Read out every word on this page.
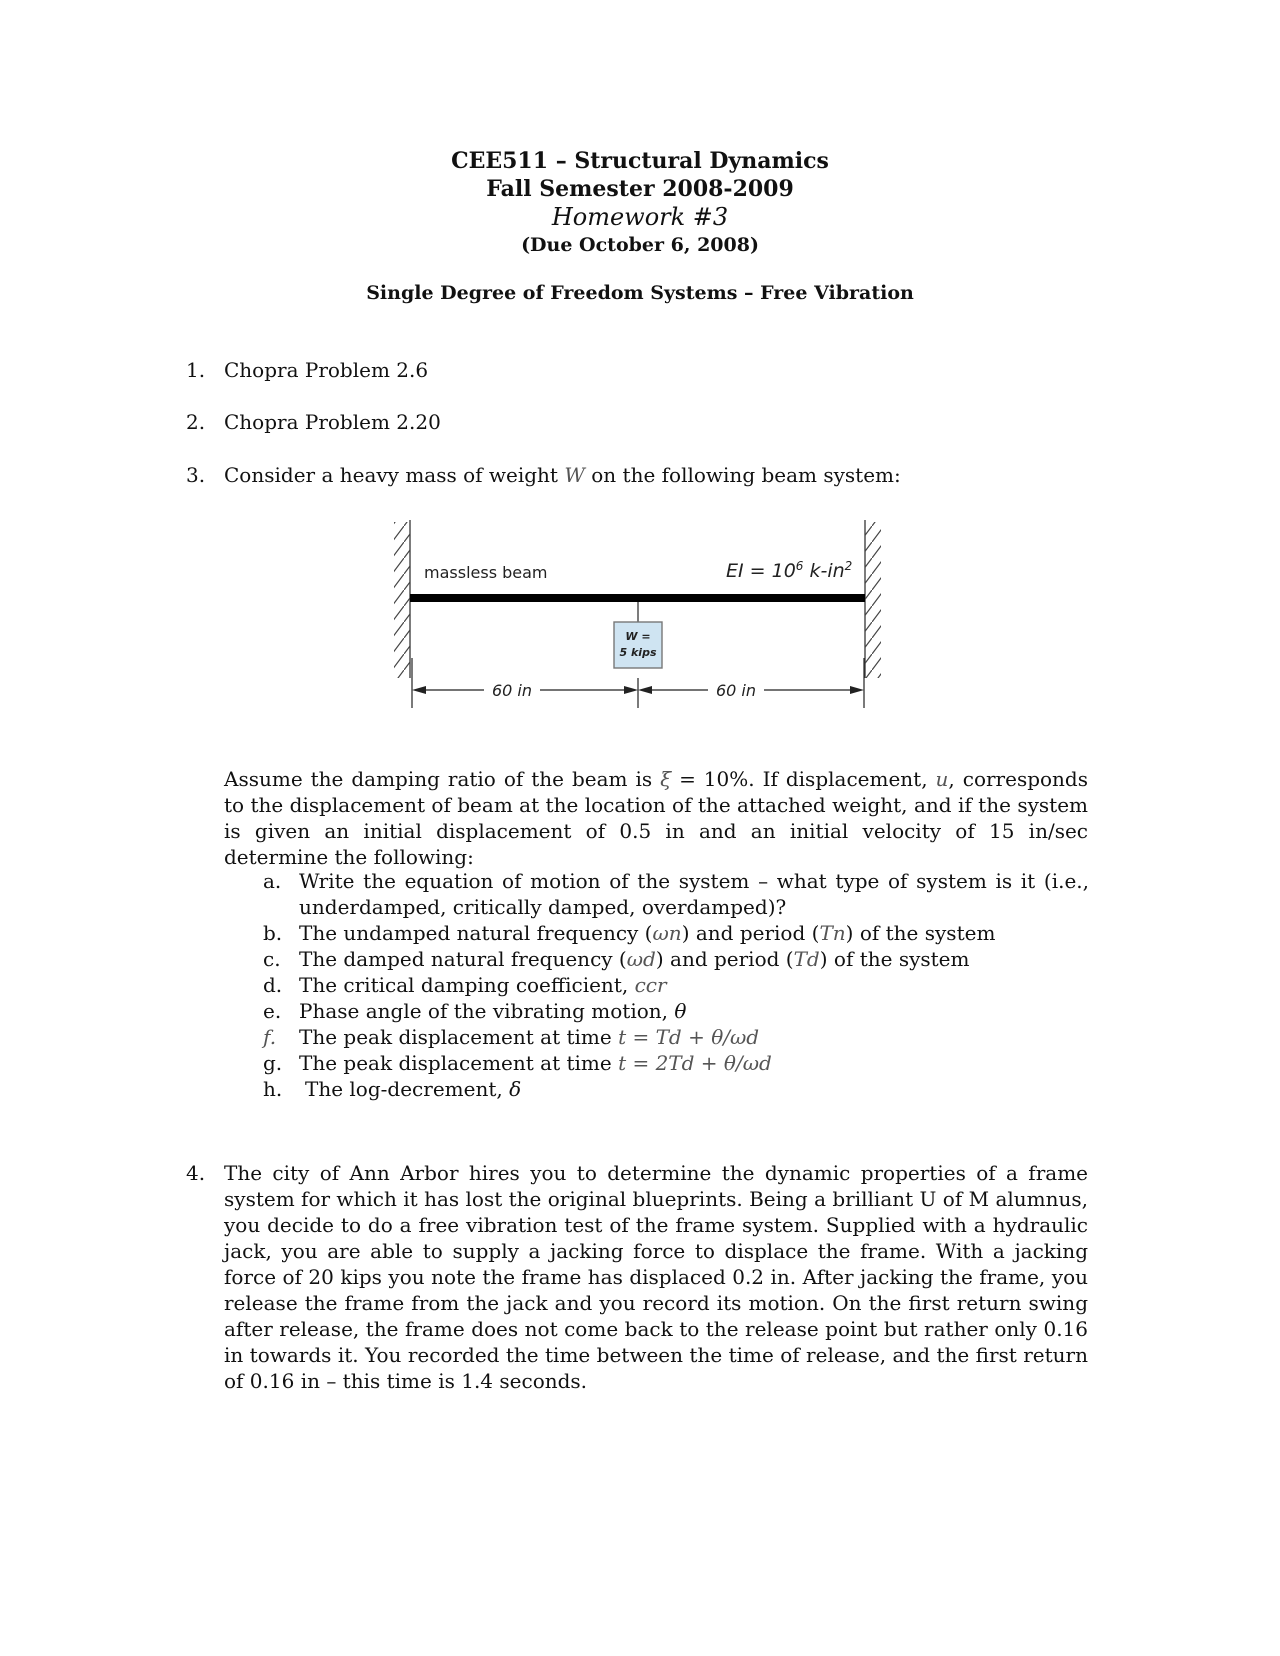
CEE511 – Structural Dynamics
Fall Semester 2008-2009
Homework #3
(Due October 6, 2008)
Single Degree of Freedom Systems – Free Vibration
1. Chopra Problem 2.6
2. Chopra Problem 2.20
3. Consider a heavy mass of weight W on the following beam system:
massless beam	EI = $10^6$ $k-in^2$
W =
5 kips
60 in	60 in
Assume the damping ratio of the beam is ξ = 10%. If displacement, u, corresponds to the displacement of beam at the location of the attached weight, and if the system is given an initial displacement of 0.5 in and an initial velocity of 15 in/sec determine the following:
a. Write the equation of motion of the system – what type of system is it (i.e., underdamped, critically damped, overdamped)?
b. The undamped natural frequency (ωn) and period (Tn) of the system
c. The damped natural frequency (ωd) and period (Td) of the system
d. The critical damping coefficient, ccr
e. Phase angle of the vibrating motion, θ
f. The peak displacement at time t = Td + θ/ωd
g. The peak displacement at time t = 2Td + θ/ωd
h. The log-decrement, δ
4. The city of Ann Arbor hires you to determine the dynamic properties of a frame system for which it has lost the original blueprints. Being a brilliant U of M alumnus, you decide to do a free vibration test of the frame system. Supplied with a hydraulic jack, you are able to supply a jacking force to displace the frame. With a jacking force of 20 kips you note the frame has displaced 0.2 in. After jacking the frame, you release the frame from the jack and you record its motion. On the first return swing after release, the frame does not come back to the release point but rather only 0.16 in towards it. You recorded the time between the time of release, and the first return of 0.16 in – this time is 1.4 seconds.
